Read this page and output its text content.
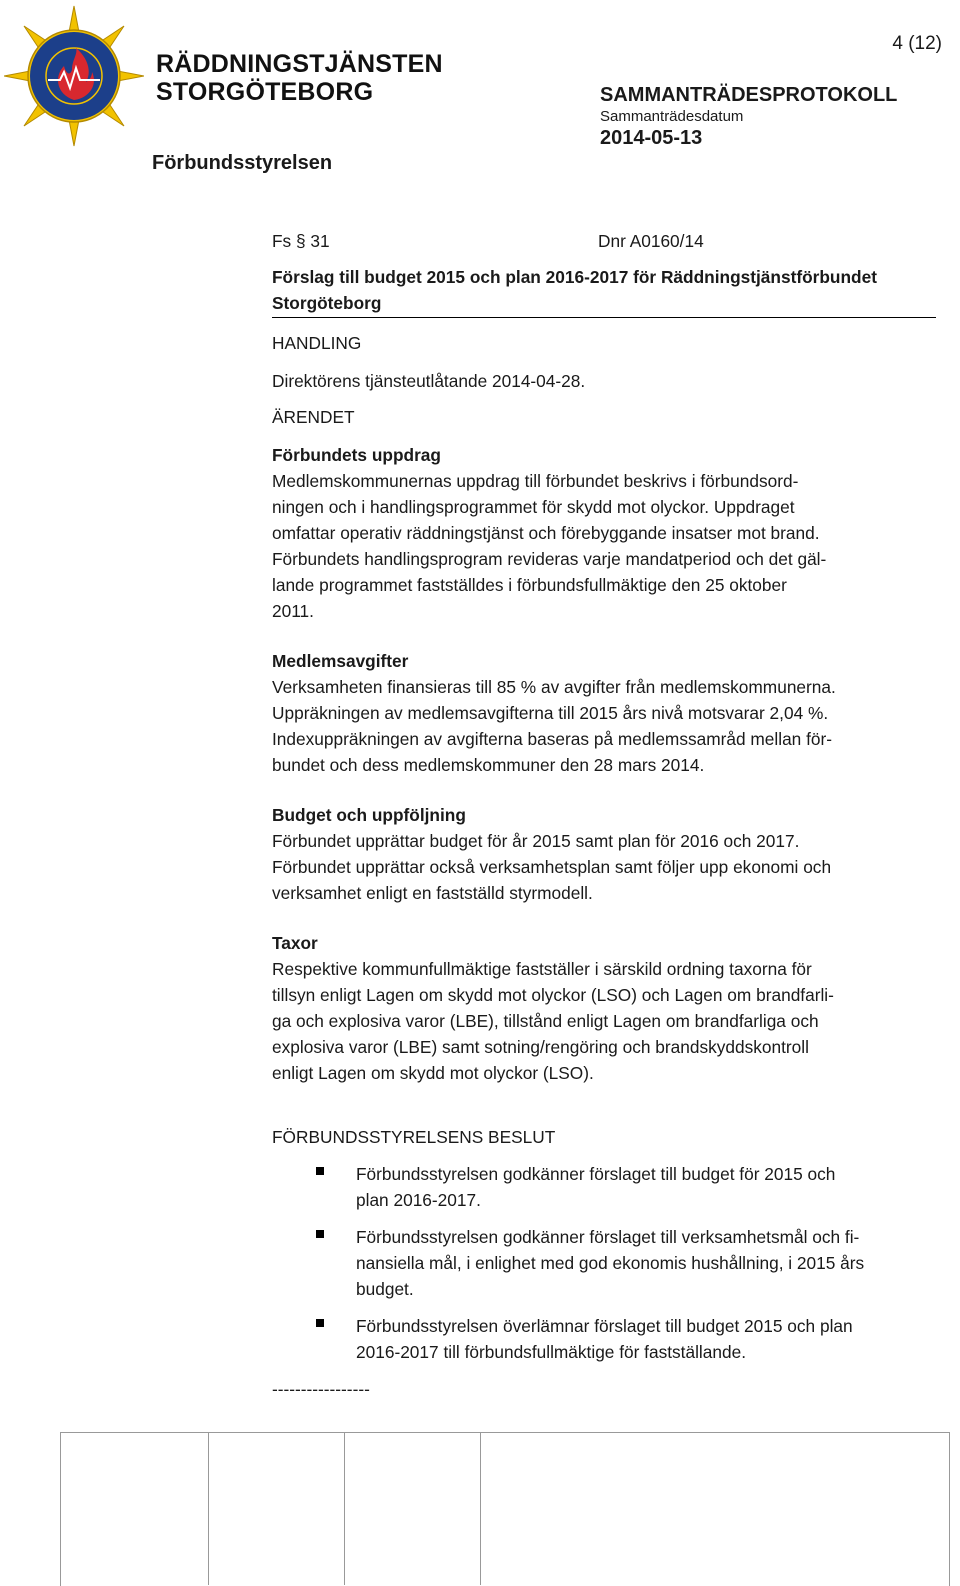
RÄDDNINGSTJÄNSTEN
STORGÖTEBORG
4 (12)
SAMMANTRÄDESPROTOKOLL
Sammanträdesdatum
2014-05-13
Förbundsstyrelsen
Fs § 31	Dnr A0160/14
Förslag till budget 2015 och plan 2016-2017 för Räddningstjänstförbundet
Storgöteborg
HANDLING
Direktörens tjänsteutlåtande 2014-04-28.
ÄRENDET
Förbundets uppdrag
Medlemskommunernas uppdrag till förbundet beskrivs i förbundsord-
ningen och i handlingsprogrammet för skydd mot olyckor. Uppdraget
omfattar operativ räddningstjänst och förebyggande insatser mot brand.
Förbundets handlingsprogram revideras varje mandatperiod och det gäl-
lande programmet fastställdes i förbundsfullmäktige den 25 oktober
2011.
Medlemsavgifter
Verksamheten finansieras till 85 % av avgifter från medlemskommunerna.
Uppräkningen av medlemsavgifterna till 2015 års nivå motsvarar 2,04 %.
Indexuppräkningen av avgifterna baseras på medlemssamråd mellan för-
bundet och dess medlemskommuner den 28 mars 2014.
Budget och uppföljning
Förbundet upprättar budget för år 2015 samt plan för 2016 och 2017.
Förbundet upprättar också verksamhetsplan samt följer upp ekonomi och
verksamhet enligt en fastställd styrmodell.
Taxor
Respektive kommunfullmäktige fastställer i särskild ordning taxorna för
tillsyn enligt Lagen om skydd mot olyckor (LSO) och Lagen om brandfarli-
ga och explosiva varor (LBE), tillstånd enligt Lagen om brandfarliga och
explosiva varor (LBE) samt sotning/rengöring och brandskyddskontroll
enligt Lagen om skydd mot olyckor (LSO).
FÖRBUNDSSTYRELSENS BESLUT
-----------------
Förbundsstyrelsen godkänner förslaget till budget för 2015 och
plan 2016-2017.
Förbundsstyrelsen godkänner förslaget till verksamhetsmål och fi-
nansiella mål, i enlighet med god ekonomis hushållning, i 2015 års
budget.
Förbundsstyrelsen överlämnar förslaget till budget 2015 och plan
2016-2017 till förbundsfullmäktige för fastställande.
